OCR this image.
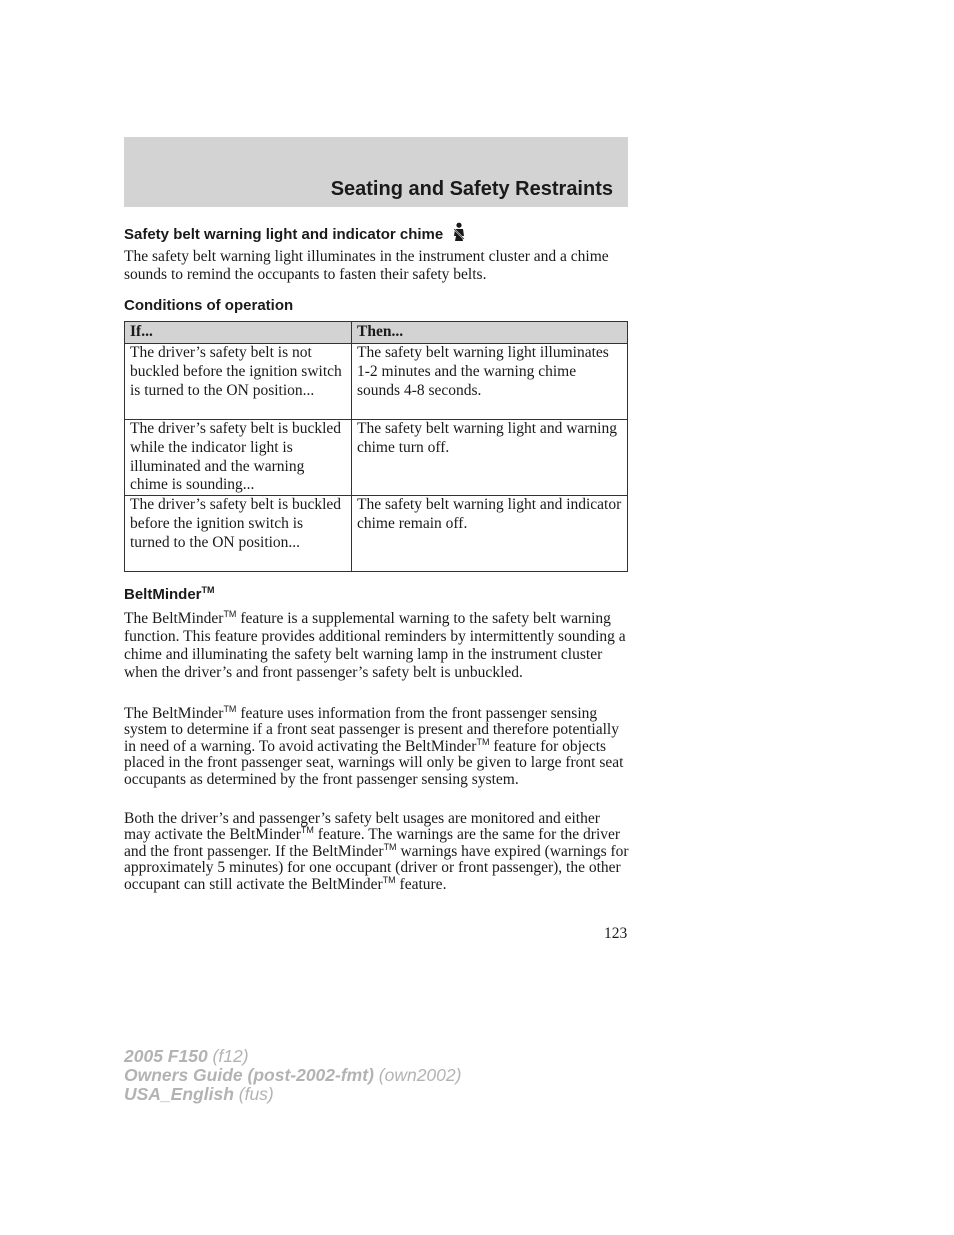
Seating and Safety Restraints
Safety belt warning light and indicator chime
The safety belt warning light illuminates in the instrument cluster and a chime sounds to remind the occupants to fasten their safety belts.
Conditions of operation
If...	Then...
The driver’s safety belt is not buckled before the ignition switch is turned to the ON position...	The safety belt warning light illuminates 1-2 minutes and the warning chime sounds 4-8 seconds.
The driver’s safety belt is buckled while the indicator light is illuminated and the warning chime is sounding...	The safety belt warning light and warning chime turn off.
The driver’s safety belt is buckled before the ignition switch is turned to the ON position...	The safety belt warning light and indicator chime remain off.
BeltMinder™
The BeltMinder™ feature is a supplemental warning to the safety belt warning function. This feature provides additional reminders by intermittently sounding a chime and illuminating the safety belt warning lamp in the instrument cluster when the driver’s and front passenger’s safety belt is unbuckled.
The BeltMinder™ feature uses information from the front passenger sensing system to determine if a front seat passenger is present and therefore potentially in need of a warning. To avoid activating the BeltMinder™ feature for objects placed in the front passenger seat, warnings will only be given to large front seat occupants as determined by the front passenger sensing system.
Both the driver’s and passenger’s safety belt usages are monitored and either may activate the BeltMinder™ feature. The warnings are the same for the driver and the front passenger. If the BeltMinder™ warnings have expired (warnings for approximately 5 minutes) for one occupant (driver or front passenger), the other occupant can still activate the BeltMinder™ feature.
123
2005 F150 (f12)
Owners Guide (post-2002-fmt) (own2002)
USA_English (fus)
